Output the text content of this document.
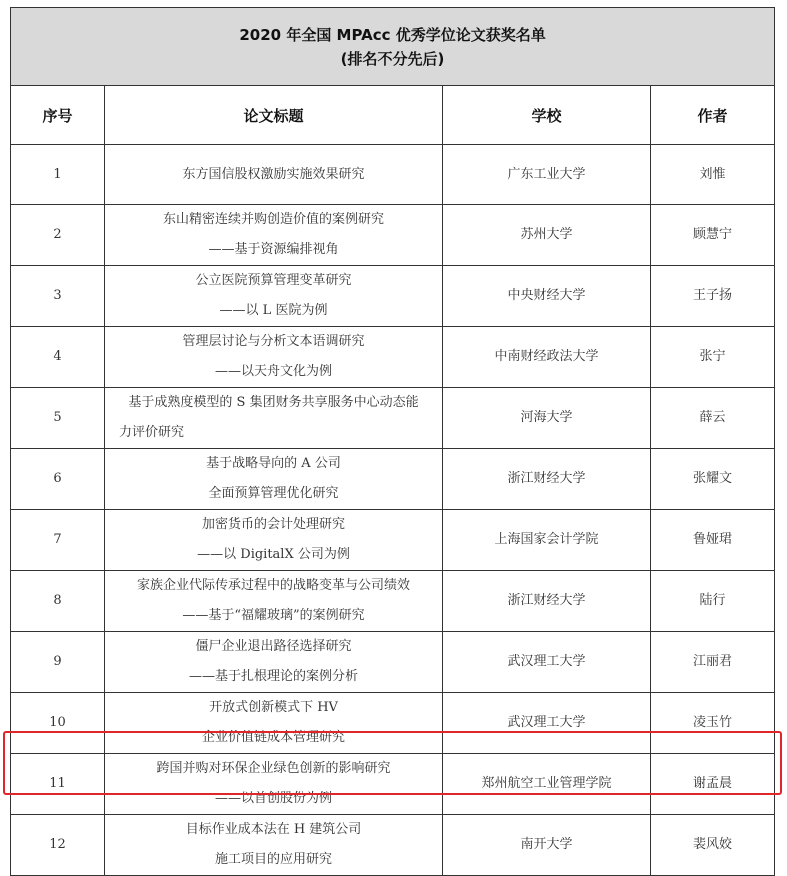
2020 年全国 MPAcc 优秀学位论文获奖名单
(排名不分先后)			

序号	论文标题	学校	作者
1	东方国信股权激励实施效果研究	广东工业大学	刘惟
2	东山精密连续并购创造价值的案例研究
——基于资源编排视角	苏州大学	顾慧宁
3	公立医院预算管理变革研究
——以 L 医院为例	中央财经大学	王子扬
4	管理层讨论与分析文本语调研究
——以天舟文化为例	中南财经政法大学	张宁
5	基于成熟度模型的 S 集团财务共享服务中心动态能
力评价研究	河海大学	薛云
6	基于战略导向的 A 公司
全面预算管理优化研究	浙江财经大学	张耀文
7	加密货币的会计处理研究
——以 DigitalX 公司为例	上海国家会计学院	鲁娅珺
8	家族企业代际传承过程中的战略变革与公司绩效
——基于“福耀玻璃”的案例研究	浙江财经大学	陆行
9	僵尸企业退出路径选择研究
——基于扎根理论的案例分析	武汉理工大学	江丽君
10	开放式创新模式下 HV
企业价值链成本管理研究	武汉理工大学	凌玉竹
11	跨国并购对环保企业绿色创新的影响研究
——以首创股份为例	郑州航空工业管理学院	谢孟晨
12	目标作业成本法在 H 建筑公司
施工项目的应用研究	南开大学	裴风姣
